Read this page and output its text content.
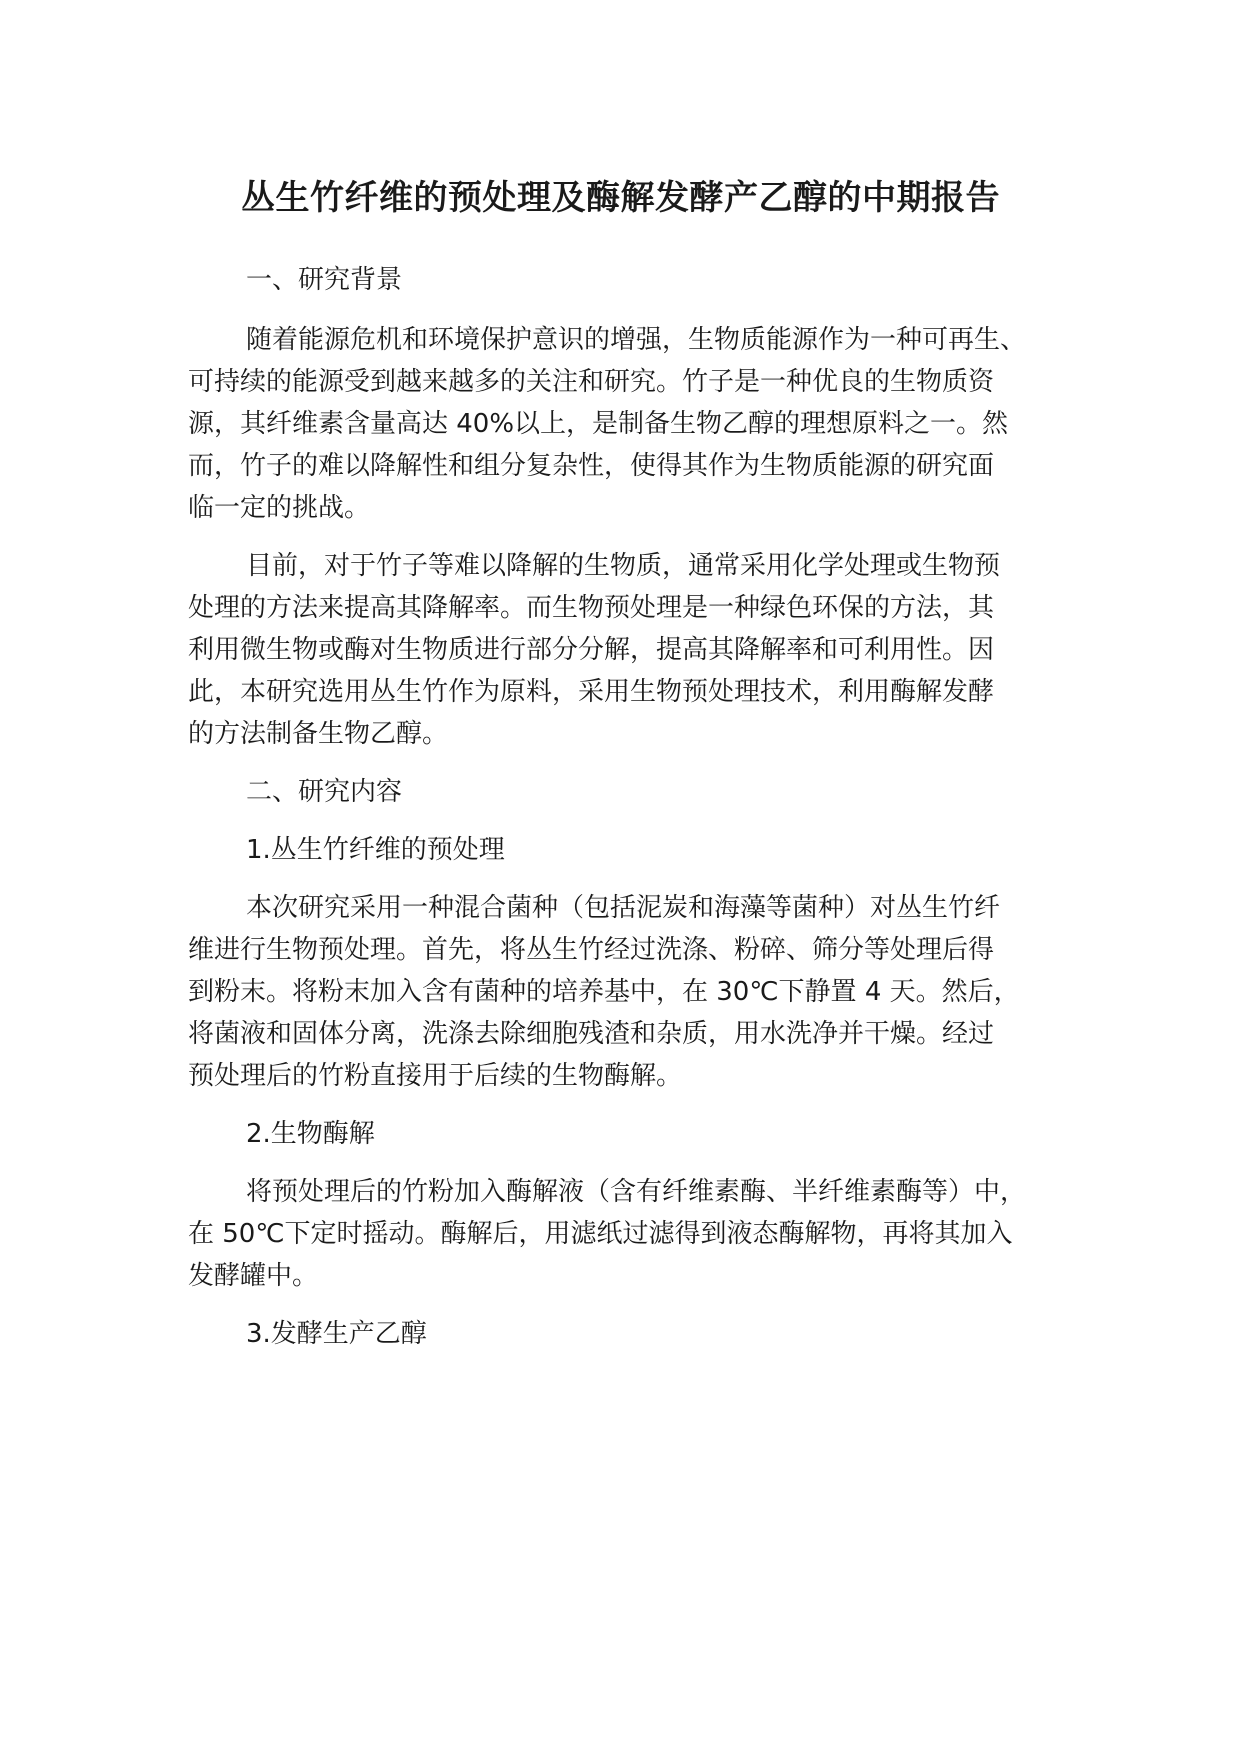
丛生竹纤维的预处理及酶解发酵产乙醇的中期报告

一、研究背景

随着能源危机和环境保护意识的增强，生物质能源作为一种可再生、

可持续的能源受到越来越多的关注和研究。竹子是一种优良的生物质资

源，其纤维素含量高达 40%以上，是制备生物乙醇的理想原料之一。然

而，竹子的难以降解性和组分复杂性，使得其作为生物质能源的研究面

临一定的挑战。

目前，对于竹子等难以降解的生物质，通常采用化学处理或生物预

处理的方法来提高其降解率。而生物预处理是一种绿色环保的方法，其

利用微生物或酶对生物质进行部分分解，提高其降解率和可利用性。因

此，本研究选用丛生竹作为原料，采用生物预处理技术，利用酶解发酵

的方法制备生物乙醇。

二、研究内容

1.丛生竹纤维的预处理

本次研究采用一种混合菌种（包括泥炭和海藻等菌种）对丛生竹纤

维进行生物预处理。首先，将丛生竹经过洗涤、粉碎、筛分等处理后得

到粉末。将粉末加入含有菌种的培养基中，在 30℃下静置 4 天。然后，

将菌液和固体分离，洗涤去除细胞残渣和杂质，用水洗净并干燥。经过

预处理后的竹粉直接用于后续的生物酶解。

2.生物酶解

将预处理后的竹粉加入酶解液（含有纤维素酶、半纤维素酶等）中，

在 50℃下定时摇动。酶解后，用滤纸过滤得到液态酶解物，再将其加入

发酵罐中。

3.发酵生产乙醇
